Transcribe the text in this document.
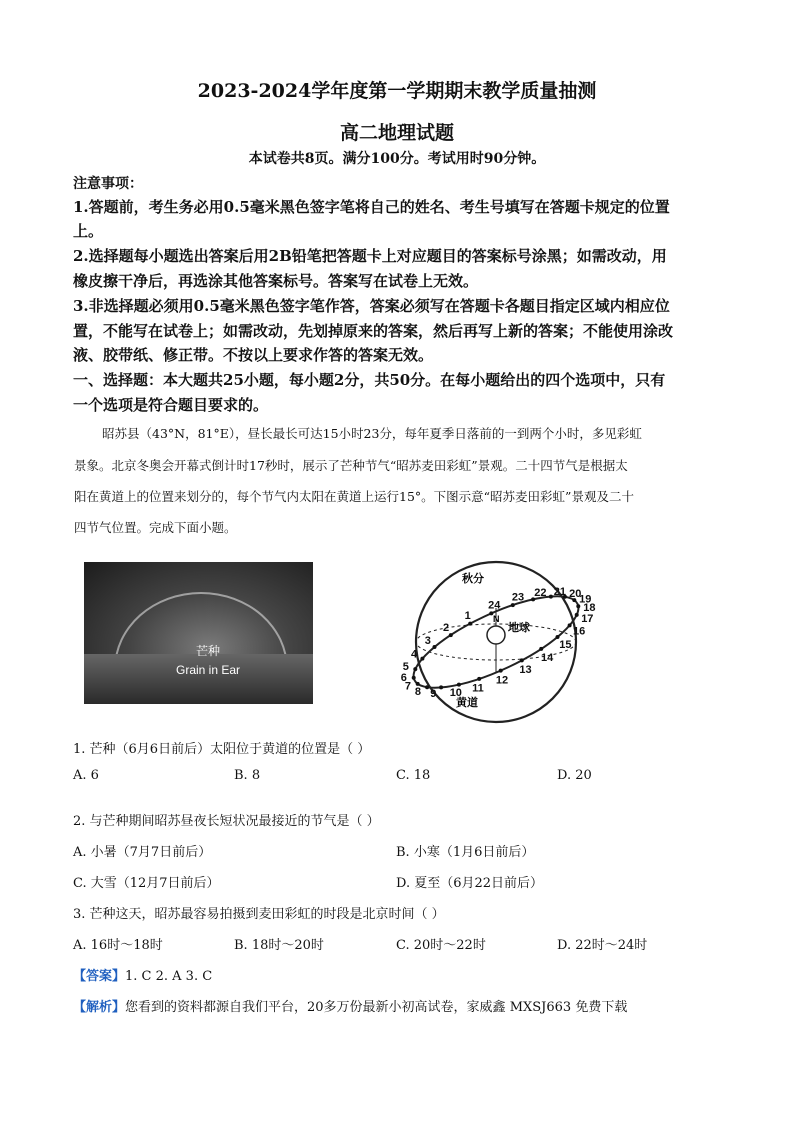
2023-2024学年度第一学期期末教学质量抽测
高二地理试题
本试卷共8页。满分100分。考试用时90分钟。
注意事项：
1.答题前，考生务必用0.5毫米黑色签字笔将自己的姓名、考生号填写在答题卡规定的位置
上。
2.选择题每小题选出答案后用2B铅笔把答题卡上对应题目的答案标号涂黑；如需改动，用
橡皮擦干净后，再选涂其他答案标号。答案写在试卷上无效。
3.非选择题必须用0.5毫米黑色签字笔作答，答案必须写在答题卡各题目指定区域内相应位
置，不能写在试卷上；如需改动，先划掉原来的答案，然后再写上新的答案；不能使用涂改
液、胶带纸、修正带。不按以上要求作答的答案无效。
一、选择题：本大题共25小题，每小题2分，共50分。在每小题给出的四个选项中，只有
一个选项是符合题目要求的。
昭苏县（43°N，81°E），昼长最长可达15小时23分，每年夏季日落前的一到两个小时，多见彩虹
景象。北京冬奥会开幕式倒计时17秒时，展示了芒种节气“昭苏麦田彩虹”景观。二十四节气是根据太
阳在黄道上的位置来划分的，每个节气内太阳在黄道上运行15°。下图示意“昭苏麦田彩虹”景观及二十
四节气位置。完成下面小题。
芒种
Grain in Ear
N
地球
秋分
黄道
1
2
3
4
5
6
7 8 9 10 11
12
13
14
15
16
17
18
19
20
21
22
23
24
1. 芒种（6月6日前后）太阳位于黄道的位置是（ ）
A. 6	B. 8	C. 18	D. 20
2. 与芒种期间昭苏昼夜长短状况最接近的节气是（ ）
A. 小暑（7月7日前后）	B. 小寒（1月6日前后）
C. 大雪（12月7日前后）	D. 夏至（6月22日前后）
3. 芒种这天，昭苏最容易拍摄到麦田彩虹的时段是北京时间（ ）
A. 16时～18时	B. 18时～20时	C. 20时～22时	D. 22时～24时
【答案】1. C 2. A 3. C
【解析】您看到的资料都源自我们平台，20多万份最新小初高试卷，家威鑫 MXSJ663 免费下载
